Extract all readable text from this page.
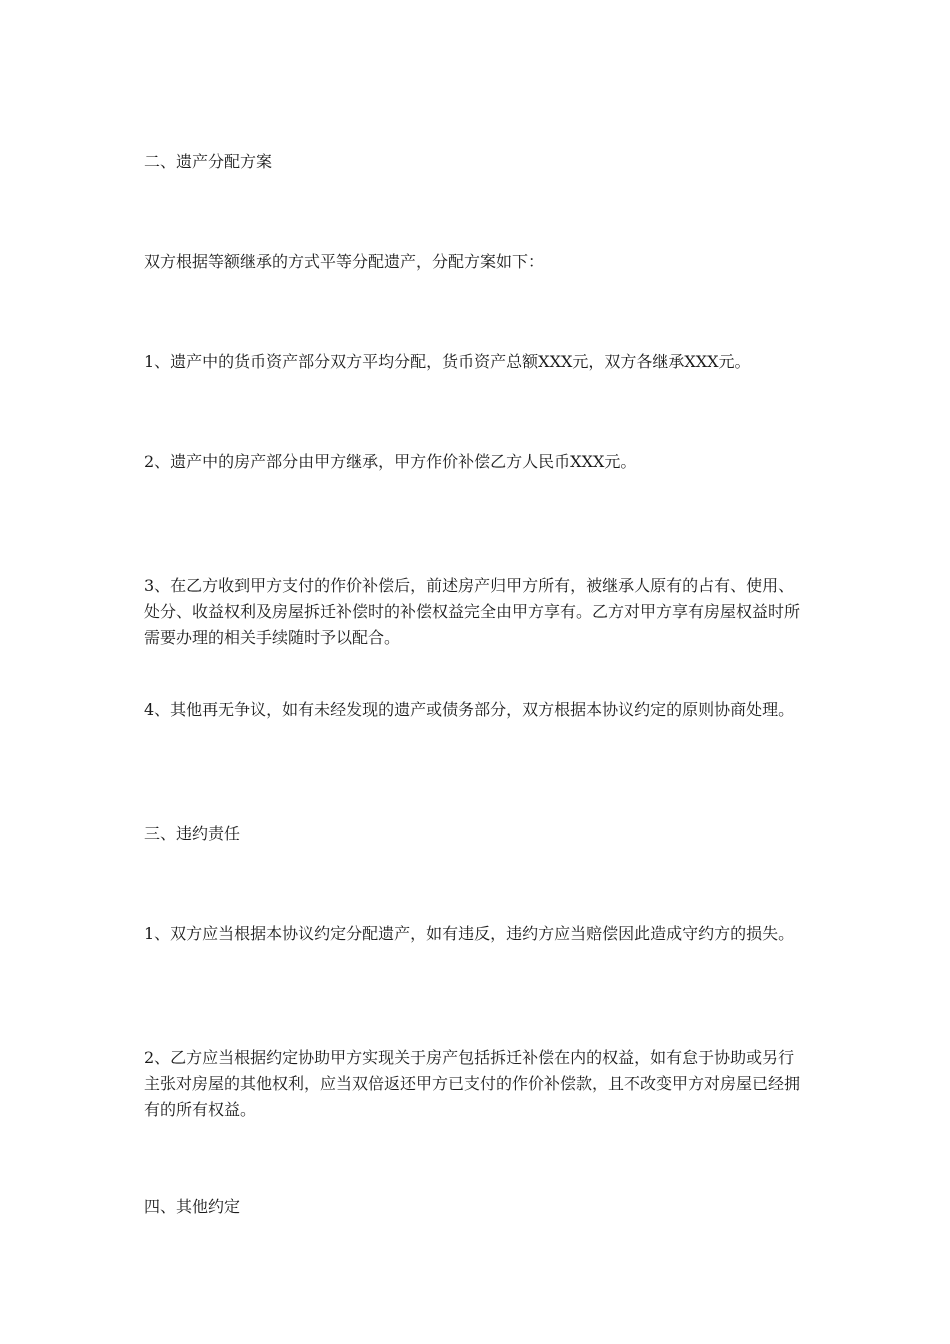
二、遗产分配方案

双方根据等额继承的方式平等分配遗产，分配方案如下：

1、遗产中的货币资产部分双方平均分配，货币资产总额XXX元，双方各继承XXX元。

2、遗产中的房产部分由甲方继承，甲方作价补偿乙方人民币XXX元。

3、在乙方收到甲方支付的作价补偿后，前述房产归甲方所有，被继承人原有的占有、使用、处分、收益权利及房屋拆迁补偿时的补偿权益完全由甲方享有。乙方对甲方享有房屋权益时所需要办理的相关手续随时予以配合。

4、其他再无争议，如有未经发现的遗产或债务部分，双方根据本协议约定的原则协商处理。

三、违约责任

1、双方应当根据本协议约定分配遗产，如有违反，违约方应当赔偿因此造成守约方的损失。

2、乙方应当根据约定协助甲方实现关于房产包括拆迁补偿在内的权益，如有怠于协助或另行主张对房屋的其他权利，应当双倍返还甲方已支付的作价补偿款，且不改变甲方对房屋已经拥有的所有权益。

四、其他约定
